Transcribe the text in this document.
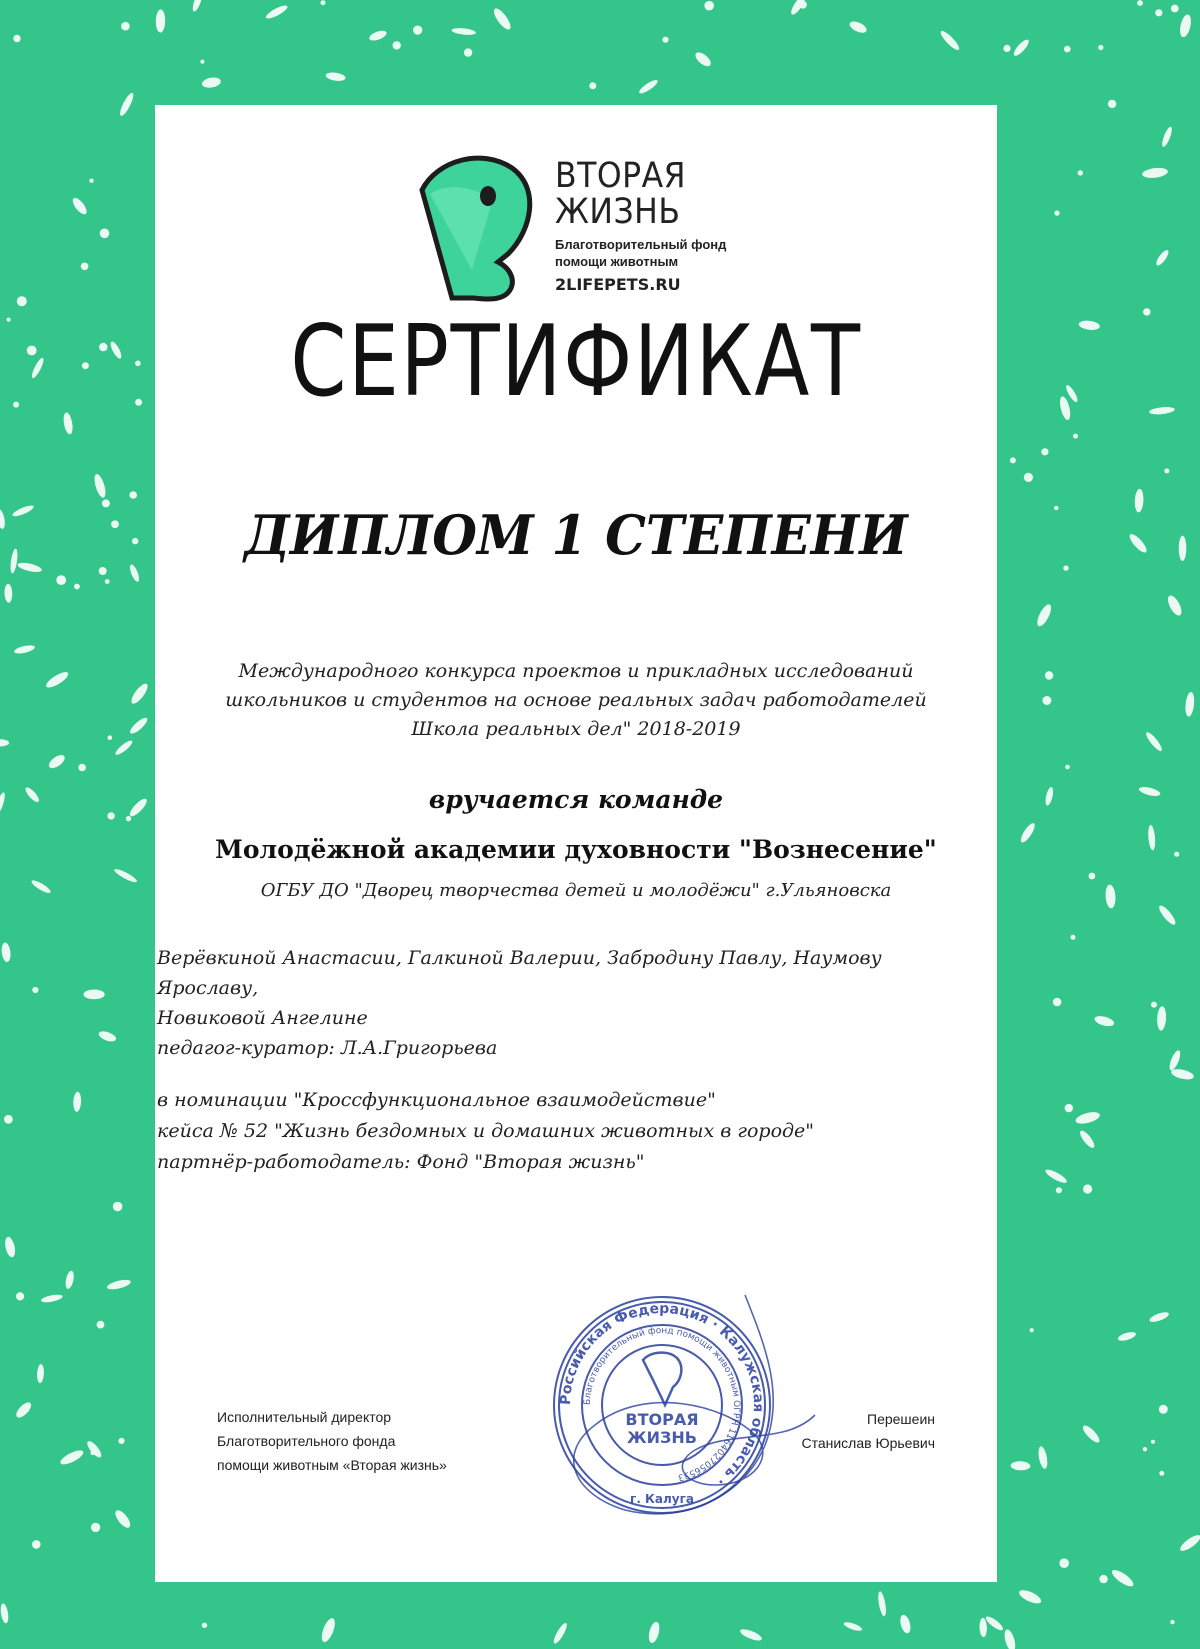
ВТОРАЯ
ЖИЗНЬ
Благотворительный фонд
помощи животным
2LIFEPETS.RU
СЕРТИФИКАТ
ДИПЛОМ 1 СТЕПЕНИ
Международного конкурса проектов и прикладных исследований
школьников и студентов на основе реальных задач работодателей
Школа реальных дел" 2018-2019
вручается команде
Молодёжной академии духовности "Вознесение"
ОГБУ ДО "Дворец творчества детей и молодёжи" г.Ульяновска
Верёвкиной Анастасии, Галкиной Валерии, Забродину Павлу, Наумову Ярославу,
Новиковой Ангелине
педагог-куратор: Л.А.Григорьева
в номинации "Кроссфункциональное взаимодействие"
кейса № 52 "Жизнь бездомных и домашних животных в городе"
партнёр-работодатель: Фонд "Вторая жизнь"
Исполнительный директор
Благотворительного фонда
помощи животным «Вторая жизнь»
Перешеин
Станислав Юрьевич
Российская Федерация · Калужская область ·
Благотворительный фонд помощи животным ОГРН 1164027056533
ВТОРАЯ
ЖИЗНЬ
г. Калуга
